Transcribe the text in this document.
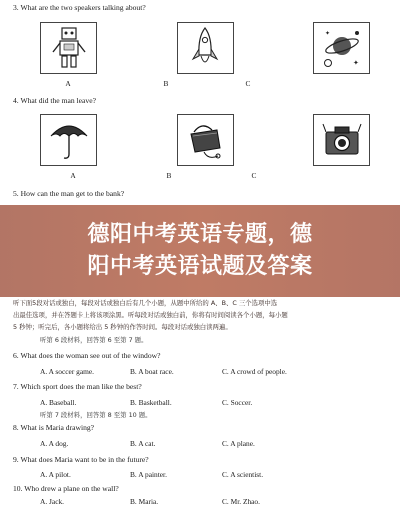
3. What are the two speakers talking about?
✦
✦
A	B	C
4. What did the man leave?
A	B	C
5. How can the man get to the bank?
德阳中考英语专题，德
阳中考英语试题及答案
听下面5段对话或独白，每段对话或独白后有几个小题，从题中所给的 A、B、C 三个选项中选
出最佳选项，并在答题卡上将该项涂黑。听每段对话或独白前，你将有时间阅读各个小题，每小题
5 秒钟；听完后，各小题将给出 5 秒钟的作答时间。每段对话或独白读两遍。
听第 6 段材料，回答第 6 至第 7 题。
6. What does the woman see out of the window?
A. A soccer game.	B. A boat race.	C. A crowd of people.
7. Which sport does the man like the best?
A. Baseball.	B. Basketball.	C. Soccer.
听第 7 段材料，回答第 8 至第 10 题。
8. What is Maria drawing?
A. A dog.	B. A cat.	C. A plane.
9. What does Maria want to be in the future?
A. A pilot.	B. A painter.	C. A scientist.
10. Who drew a plane on the wall?
A. Jack.	B. Maria.	C. Mr. Zhao.
